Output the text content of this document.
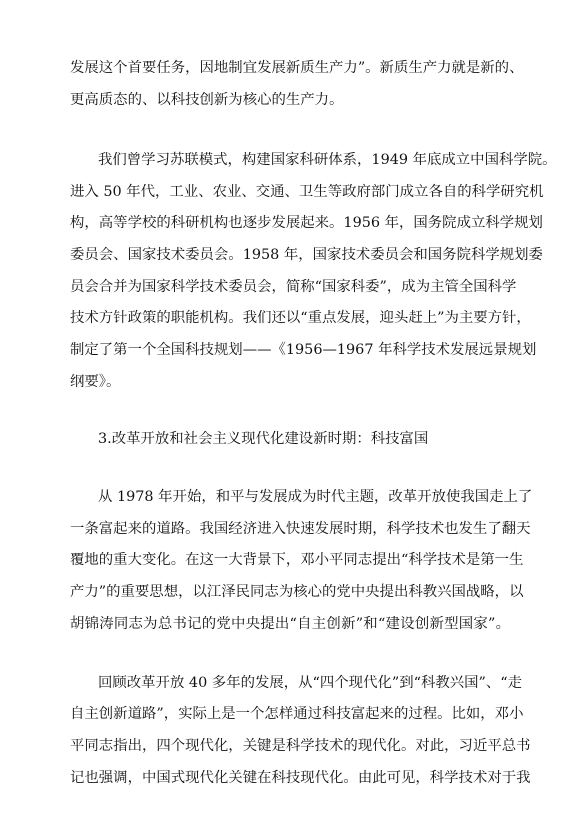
发展这个首要任务，因地制宜发展新质生产力”。新质生产力就是新的、
更高质态的、以科技创新为核心的生产力。
我们曾学习苏联模式，构建国家科研体系，1949 年底成立中国科学院。
进入 50 年代，工业、农业、交通、卫生等政府部门成立各自的科学研究机
构，高等学校的科研机构也逐步发展起来。1956 年，国务院成立科学规划
委员会、国家技术委员会。1958 年，国家技术委员会和国务院科学规划委
员会合并为国家科学技术委员会，简称“国家科委”，成为主管全国科学
技术方针政策的职能机构。我们还以“重点发展，迎头赶上”为主要方针，
制定了第一个全国科技规划——《1956—1967 年科学技术发展远景规划
纲要》。
3.改革开放和社会主义现代化建设新时期：科技富国
从 1978 年开始，和平与发展成为时代主题，改革开放使我国走上了
一条富起来的道路。我国经济进入快速发展时期，科学技术也发生了翻天
覆地的重大变化。在这一大背景下，邓小平同志提出“科学技术是第一生
产力”的重要思想，以江泽民同志为核心的党中央提出科教兴国战略，以
胡锦涛同志为总书记的党中央提出“自主创新”和“建设创新型国家”。
回顾改革开放 40 多年的发展，从“四个现代化”到“科教兴国”、“走
自主创新道路”，实际上是一个怎样通过科技富起来的过程。比如，邓小
平同志指出，四个现代化，关键是科学技术的现代化。对此，习近平总书
记也强调，中国式现代化关键在科技现代化。由此可见，科学技术对于我
